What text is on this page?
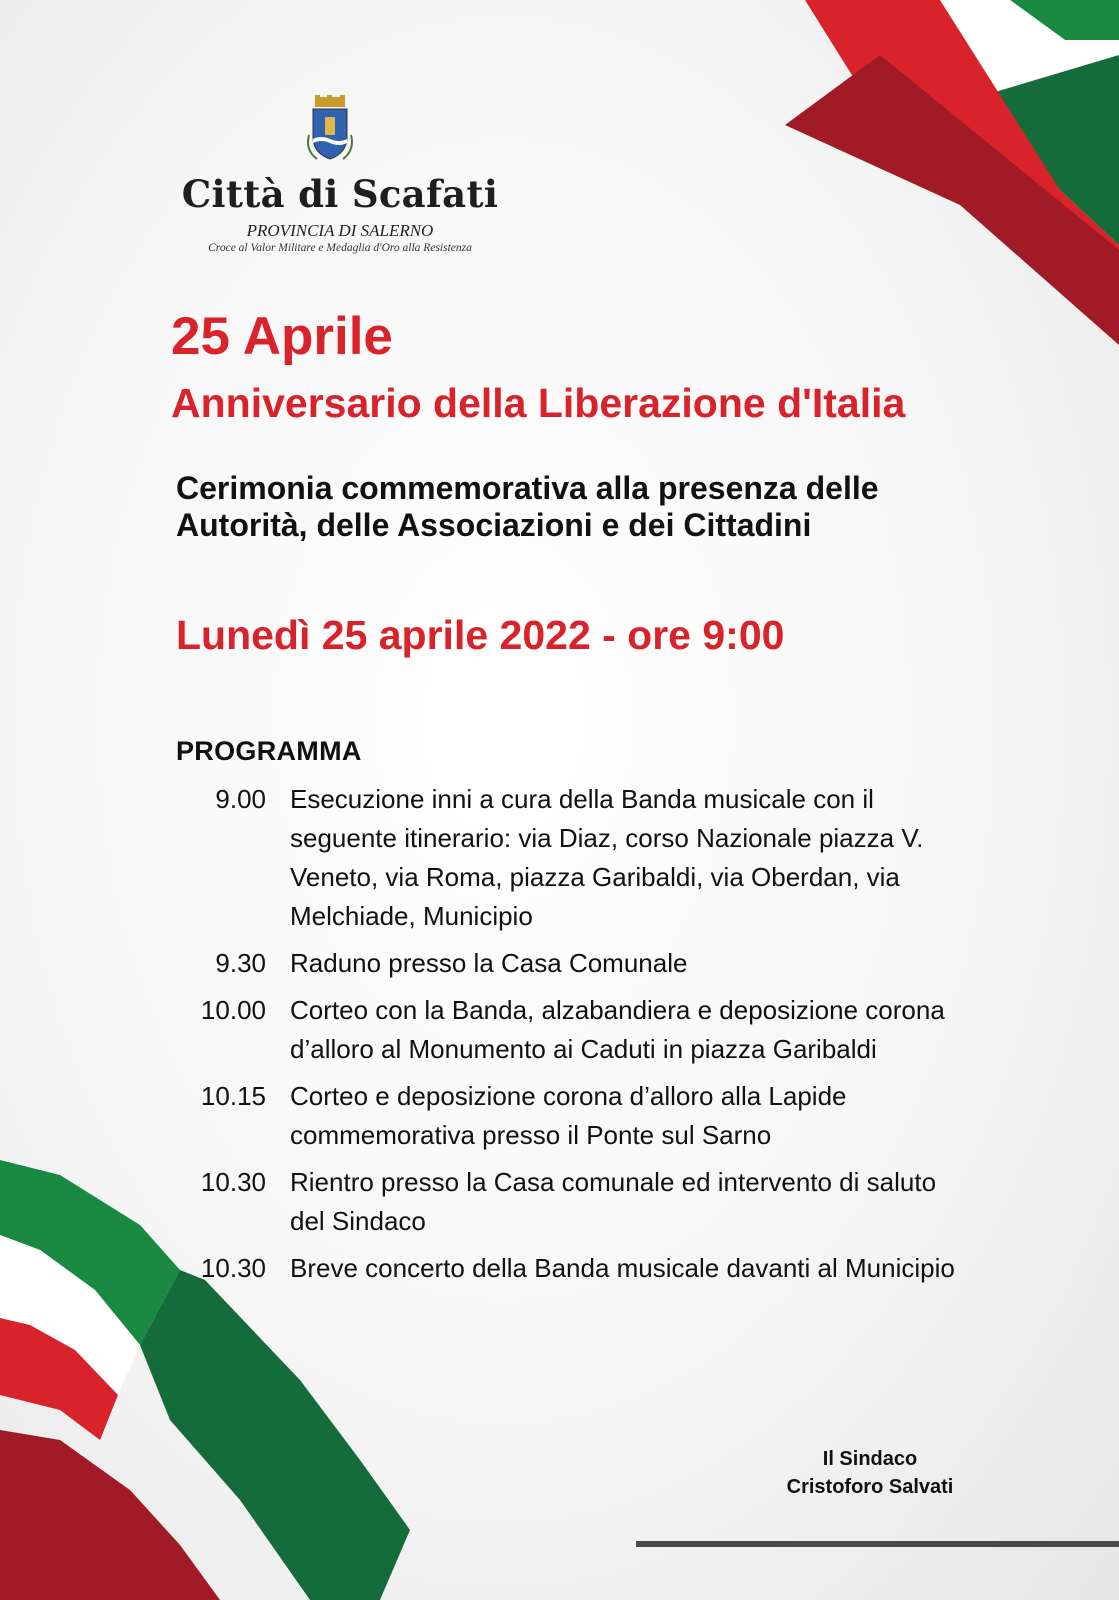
Città di Scafati
PROVINCIA DI SALERNO
Croce al Valor Militare e Medaglia d'Oro alla Resistenza
25 Aprile
Anniversario della Liberazione d'Italia
Cerimonia commemorativa alla presenza delle Autorità, delle Associazioni e dei Cittadini
Lunedì 25 aprile 2022 - ore 9:00
PROGRAMMA
9.00 Esecuzione inni a cura della Banda musicale con il seguente itinerario: via Diaz, corso Nazionale piazza V. Veneto, via Roma, piazza Garibaldi, via Oberdan, via Melchiade, Municipio
9.30 Raduno presso la Casa Comunale
10.00 Corteo con la Banda, alzabandiera e deposizione corona d’alloro al Monumento ai Caduti in piazza Garibaldi
10.15 Corteo e deposizione corona d’alloro alla Lapide commemorativa presso il Ponte sul Sarno
10.30 Rientro presso la Casa comunale ed intervento di saluto del Sindaco
10.30 Breve concerto della Banda musicale davanti al Municipio
Il Sindaco
Cristoforo Salvati
